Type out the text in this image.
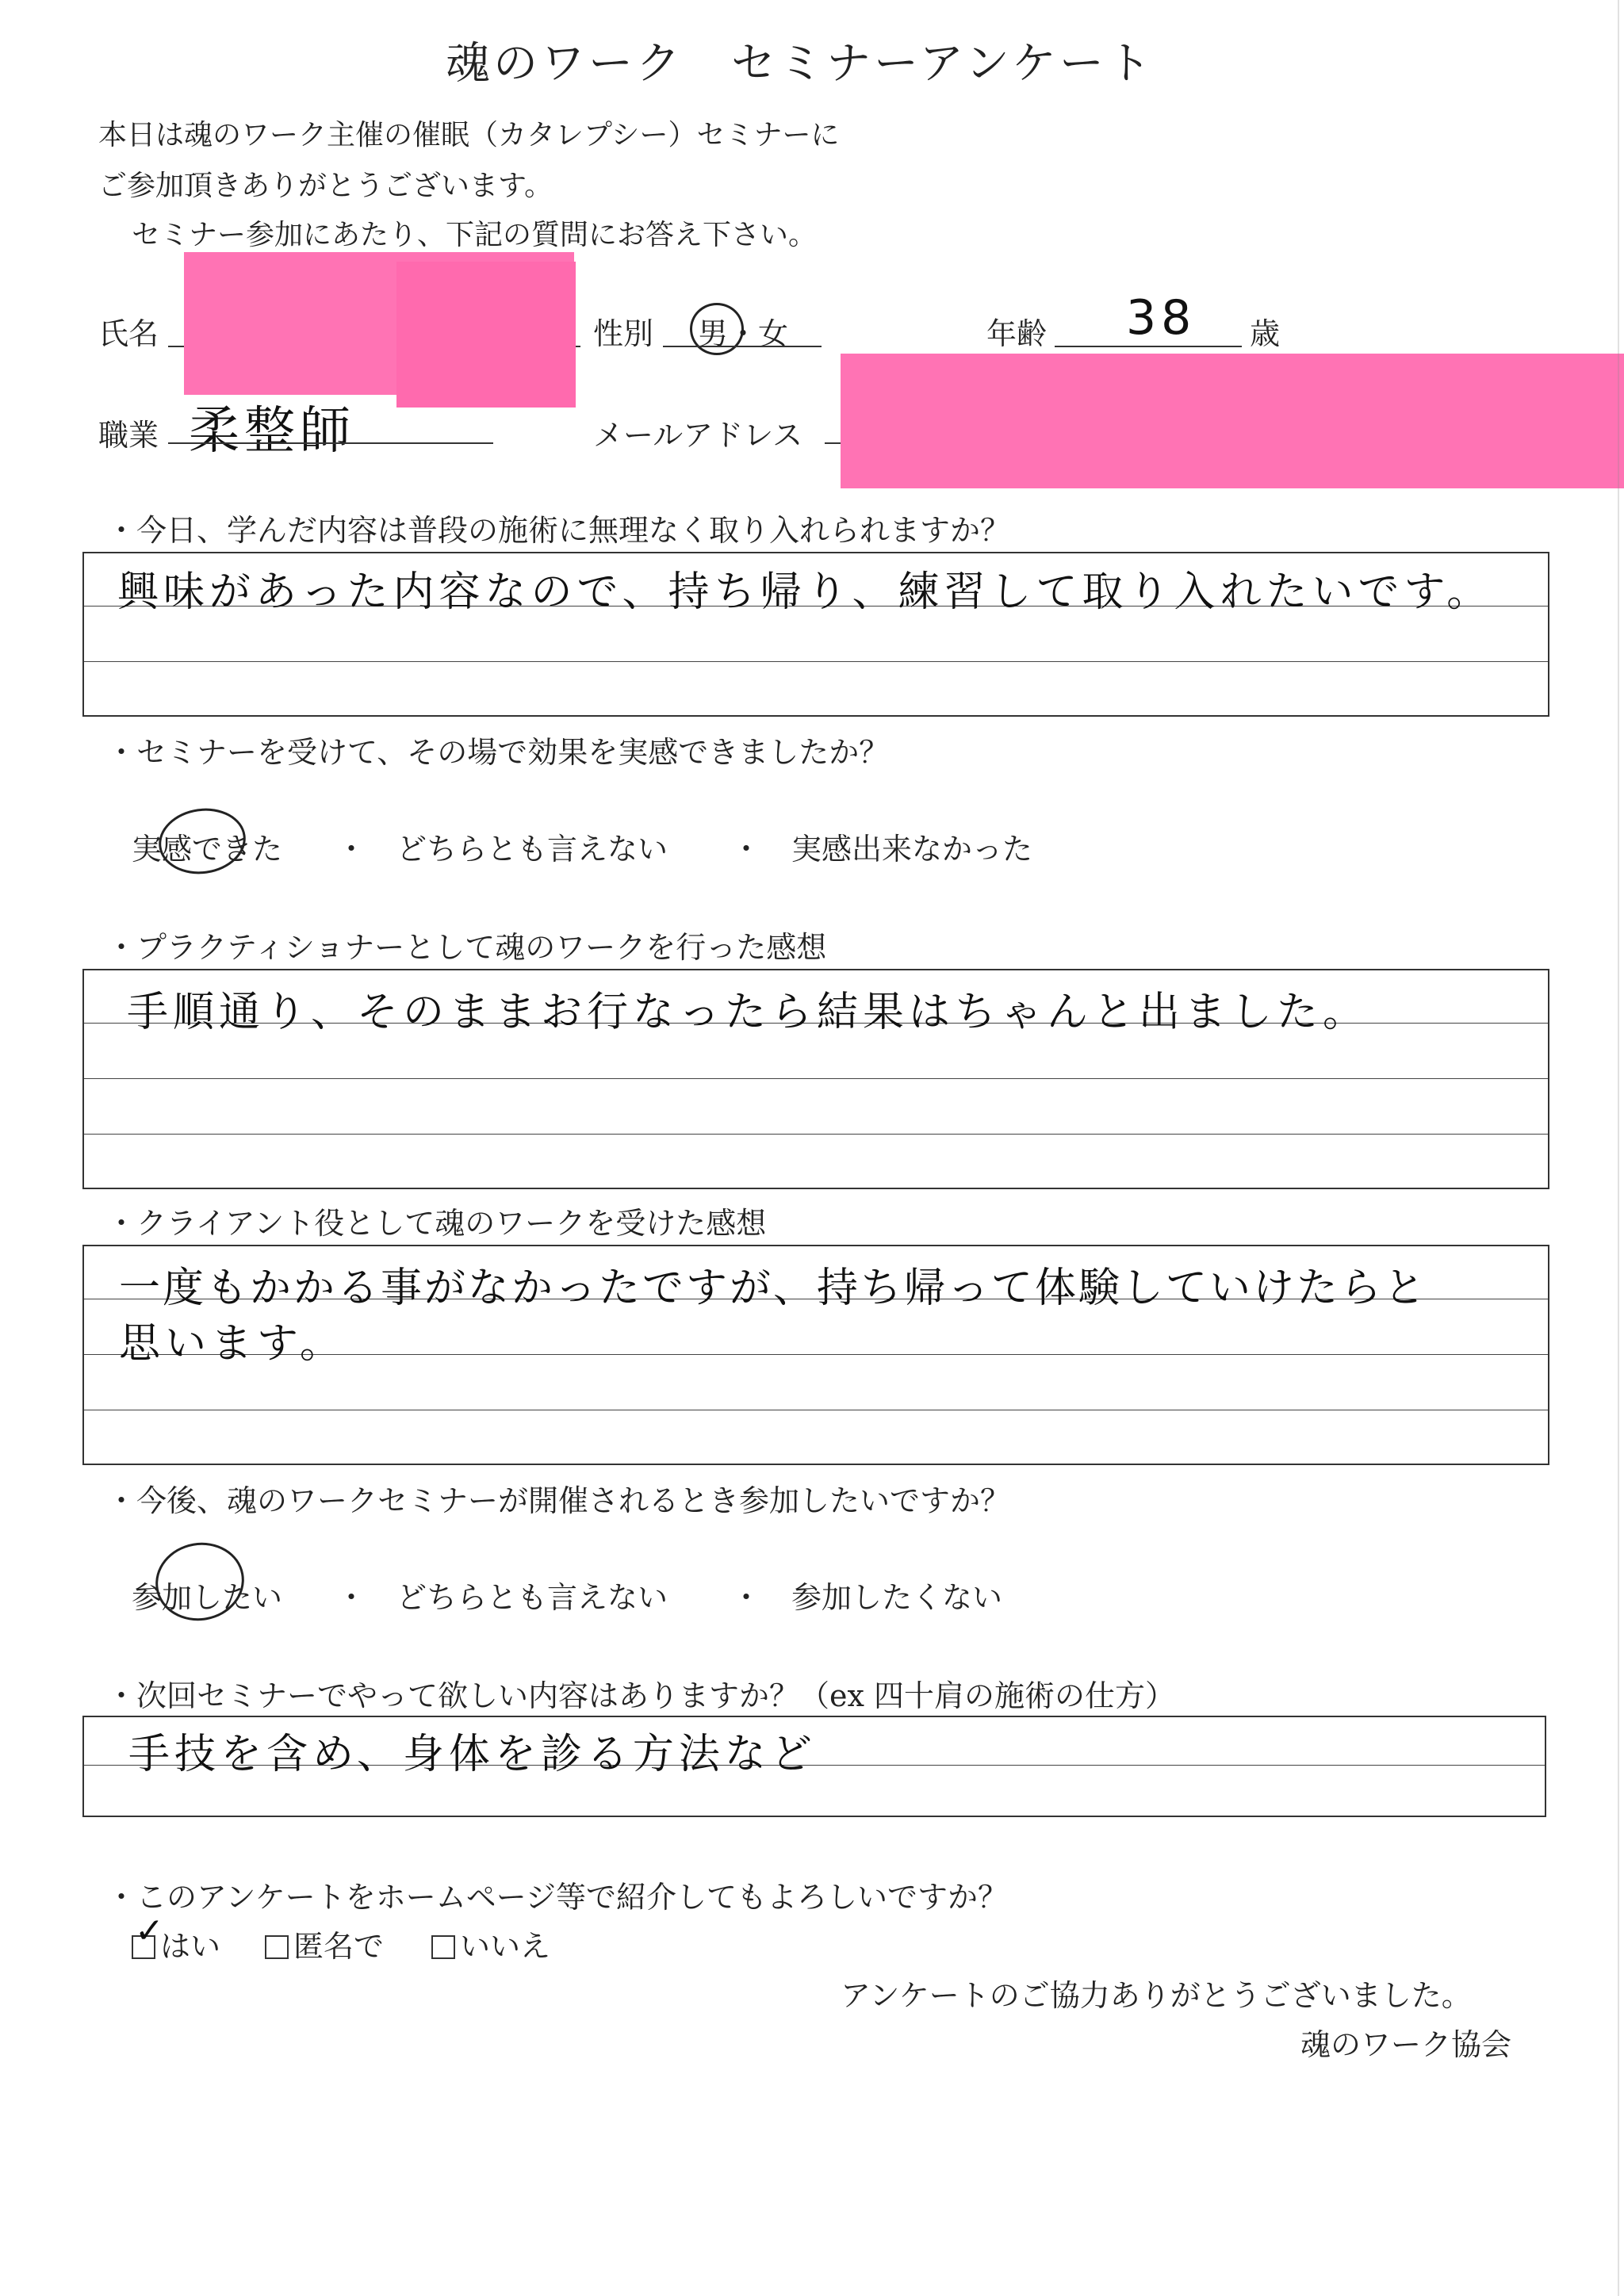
魂のワーク　セミナーアンケート
本日は魂のワーク主催の催眠（カタレプシー）セミナーに
ご参加頂きありがとうございます。
セミナー参加にあたり、下記の質問にお答え下さい。
氏名	性別 男・女	年齢 38 歳
職業 柔整師	メールアドレス
・今日、学んだ内容は普段の施術に無理なく取り入れられますか？
興味があった内容なので、持ち帰り、練習して取り入れたいです。
・セミナーを受けて、その場で効果を実感できましたか？
実感できた ・ どちらとも言えない ・ 実感出来なかった
・プラクティショナーとして魂のワークを行った感想
手順通り、そのままお行なったら結果はちゃんと出ました。
・クライアント役として魂のワークを受けた感想
一度もかかる事がなかったですが、持ち帰って体験していけたらと
思います。
・今後、魂のワークセミナーが開催されるとき参加したいですか？
参加したい ・ どちらとも言えない ・ 参加したくない
・次回セミナーでやって欲しい内容はありますか？（ex 四十肩の施術の仕方）
手技を含め、身体を診る方法など
・このアンケートをホームページ等で紹介してもよろしいですか？
はい
✓	匿名で	いいえ
アンケートのご協力ありがとうございました。
魂のワーク協会
